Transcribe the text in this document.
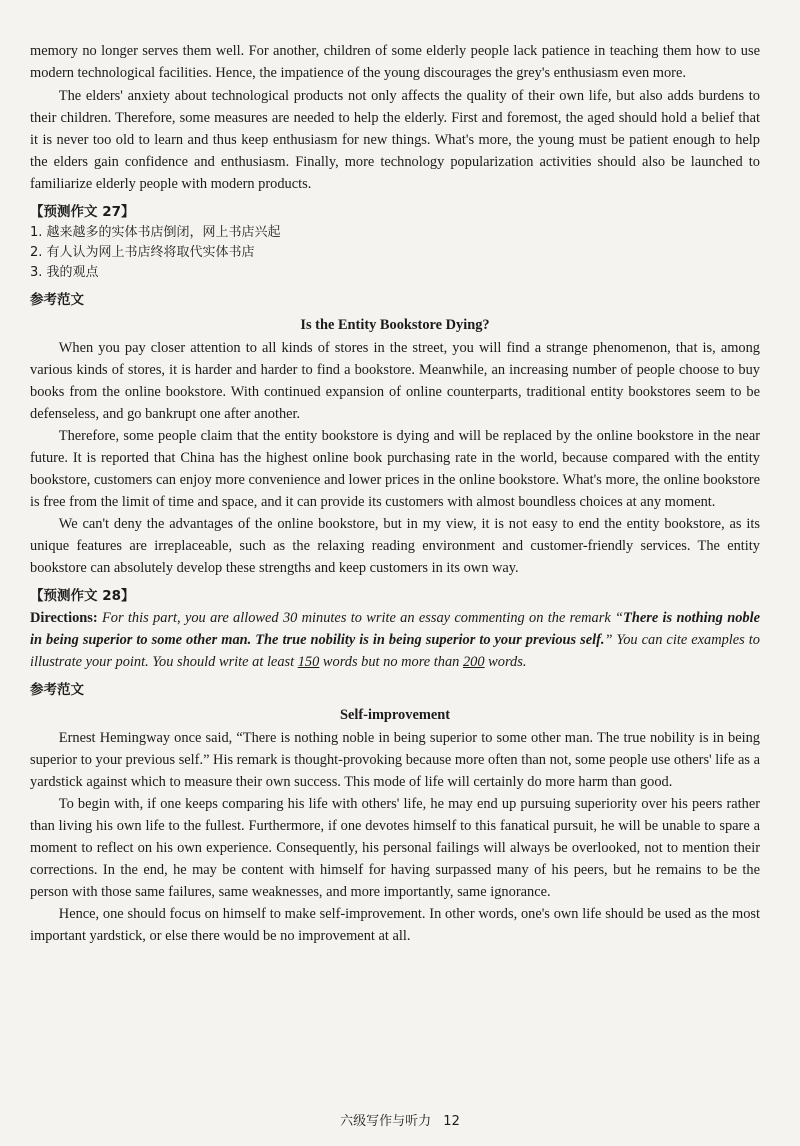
memory no longer serves them well. For another, children of some elderly people lack patience in teaching them how to use modern technological facilities. Hence, the impatience of the young discourages the grey's enthusiasm even more.

The elders' anxiety about technological products not only affects the quality of their own life, but also adds burdens to their children. Therefore, some measures are needed to help the elderly. First and foremost, the aged should hold a belief that it is never too old to learn and thus keep enthusiasm for new things. What's more, the young must be patient enough to help the elders gain confidence and enthusiasm. Finally, more technology popularization activities should also be launched to familiarize elderly people with modern products.

【预测作文 27】

1. 越来越多的实体书店倒闭，网上书店兴起

2. 有人认为网上书店终将取代实体书店

3. 我的观点

参考范文

Is the Entity Bookstore Dying?

When you pay closer attention to all kinds of stores in the street, you will find a strange phenomenon, that is, among various kinds of stores, it is harder and harder to find a bookstore. Meanwhile, an increasing number of people choose to buy books from the online bookstore. With continued expansion of online counterparts, traditional entity bookstores seem to be defenseless, and go bankrupt one after another.

Therefore, some people claim that the entity bookstore is dying and will be replaced by the online bookstore in the near future. It is reported that China has the highest online book purchasing rate in the world, because compared with the entity bookstore, customers can enjoy more convenience and lower prices in the online bookstore. What's more, the online bookstore is free from the limit of time and space, and it can provide its customers with almost boundless choices at any moment.

We can't deny the advantages of the online bookstore, but in my view, it is not easy to end the entity bookstore, as its unique features are irreplaceable, such as the relaxing reading environment and customer-friendly services. The entity bookstore can absolutely develop these strengths and keep customers in its own way.

【预测作文 28】

Directions: For this part, you are allowed 30 minutes to write an essay commenting on the remark “There is nothing noble in being superior to some other man. The true nobility is in being superior to your previous self.” You can cite examples to illustrate your point. You should write at least 150 words but no more than 200 words.

参考范文

Self-improvement

Ernest Hemingway once said, “There is nothing noble in being superior to some other man. The true nobility is in being superior to your previous self.” His remark is thought-provoking because more often than not, some people use others' life as a yardstick against which to measure their own success. This mode of life will certainly do more harm than good.

To begin with, if one keeps comparing his life with others' life, he may end up pursuing superiority over his peers rather than living his own life to the fullest. Furthermore, if one devotes himself to this fanatical pursuit, he will be unable to spare a moment to reflect on his own experience. Consequently, his personal failings will always be overlooked, not to mention their corrections. In the end, he may be content with himself for having surpassed many of his peers, but he remains to be the person with those same failures, same weaknesses, and more importantly, same ignorance.

Hence, one should focus on himself to make self-improvement. In other words, one's own life should be used as the most important yardstick, or else there would be no improvement at all.

六级写作与听力 12
